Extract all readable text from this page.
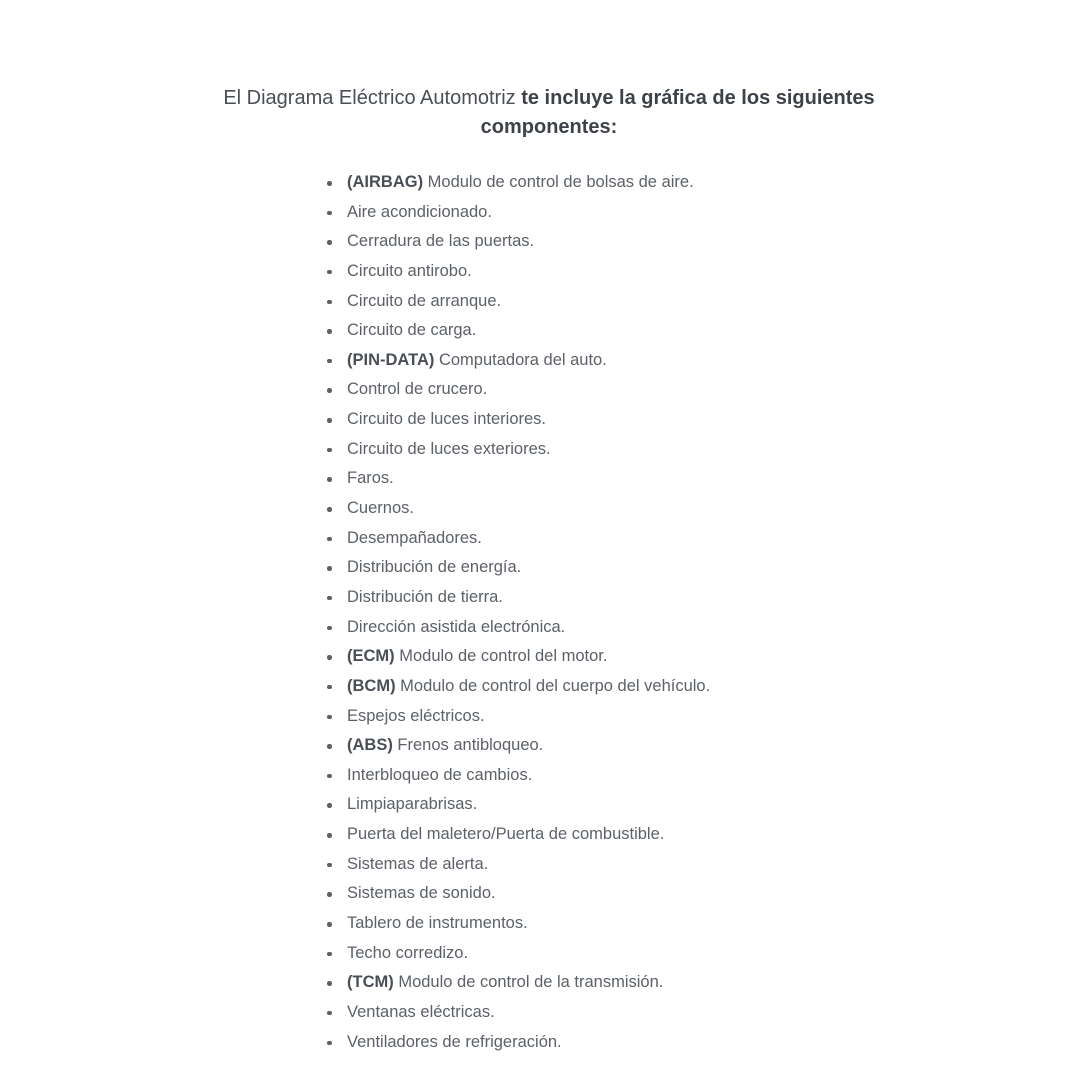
El Diagrama Eléctrico Automotriz te incluye la gráfica de los siguientes componentes:
(AIRBAG) Modulo de control de bolsas de aire.
Aire acondicionado.
Cerradura de las puertas.
Circuito antirobo.
Circuito de arranque.
Circuito de carga.
(PIN-DATA) Computadora del auto.
Control de crucero.
Circuito de luces interiores.
Circuito de luces exteriores.
Faros.
Cuernos.
Desempañadores.
Distribución de energía.
Distribución de tierra.
Dirección asistida electrónica.
(ECM) Modulo de control del motor.
(BCM) Modulo de control del cuerpo del vehículo.
Espejos eléctricos.
(ABS) Frenos antibloqueo.
Interbloqueo de cambios.
Limpiaparabrisas.
Puerta del maletero/Puerta de combustible.
Sistemas de alerta.
Sistemas de sonido.
Tablero de instrumentos.
Techo corredizo.
(TCM) Modulo de control de la transmisión.
Ventanas eléctricas.
Ventiladores de refrigeración.
